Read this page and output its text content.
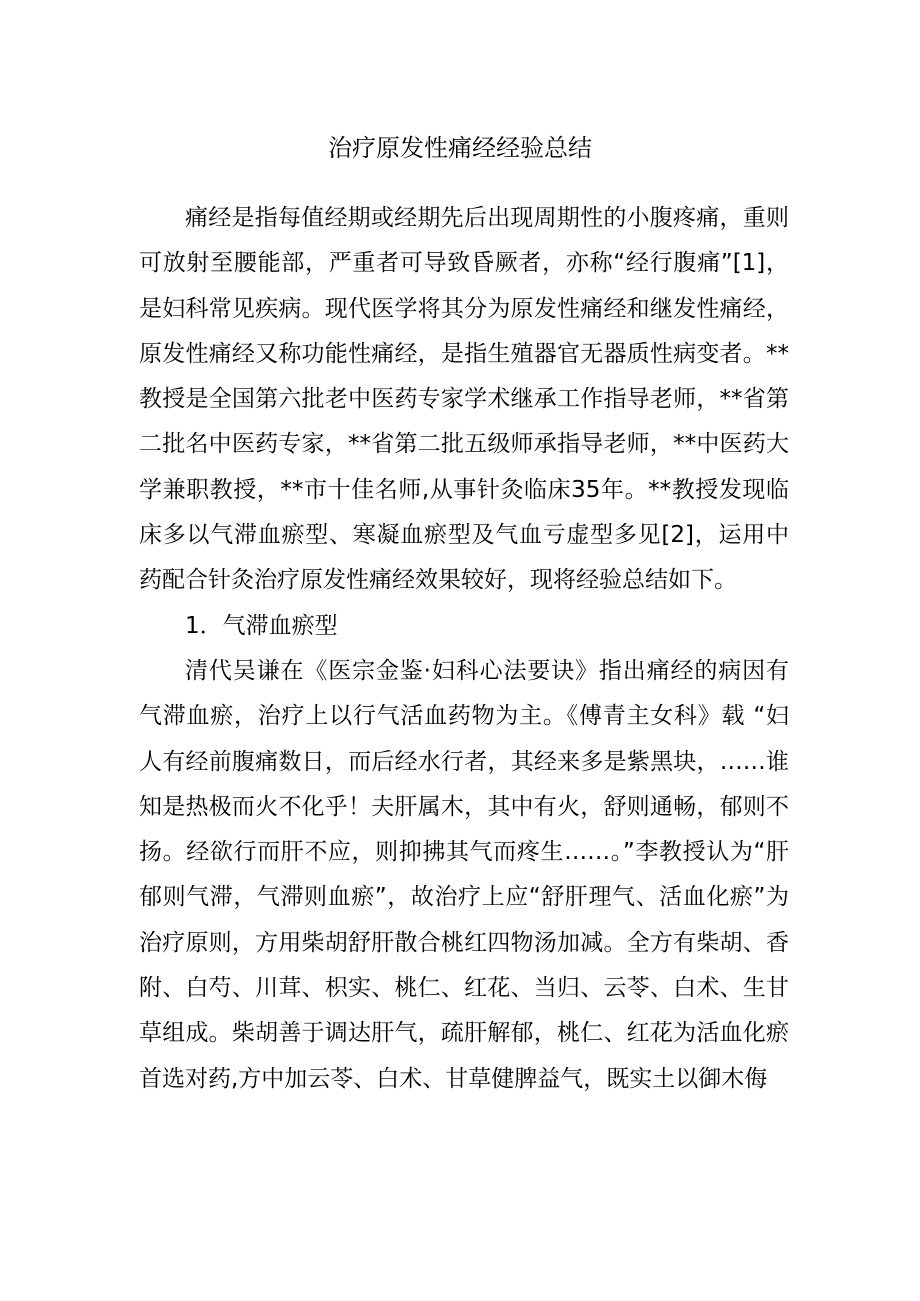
治疗原发性痛经经验总结

痛经是指每值经期或经期先后出现周期性的小腹疼痛，重则可放射至腰能部，严重者可导致昏厥者，亦称“经行腹痛”[1]，是妇科常见疾病。现代医学将其分为原发性痛经和继发性痛经，原发性痛经又称功能性痛经，是指生殖器官无器质性病变者。**教授是全国第六批老中医药专家学术继承工作指导老师，**省第二批名中医药专家，**省第二批五级师承指导老师，**中医药大学兼职教授，**市十佳名师,从事针灸临床35年。**教授发现临床多以气滞血瘀型、寒凝血瘀型及气血亏虚型多见[2]，运用中药配合针灸治疗原发性痛经效果较好，现将经验总结如下。

1．气滞血瘀型

清代吴谦在《医宗金鉴·妇科心法要诀》指出痛经的病因有气滞血瘀，治疗上以行气活血药物为主。《傅青主女科》载 “妇人有经前腹痛数日，而后经水行者，其经来多是紫黑块，……谁知是热极而火不化乎！夫肝属木，其中有火，舒则通畅，郁则不扬。经欲行而肝不应，则抑拂其气而疼生……。”李教授认为“肝郁则气滞，气滞则血瘀”，故治疗上应“舒肝理气、活血化瘀”为治疗原则，方用柴胡舒肝散合桃红四物汤加减。全方有柴胡、香附、白芍、川茸、枳实、桃仁、红花、当归、云苓、白术、生甘草组成。柴胡善于调达肝气，疏肝解郁，桃仁、红花为活血化瘀首选对药,方中加云苓、白术、甘草健脾益气，既实土以御木侮
